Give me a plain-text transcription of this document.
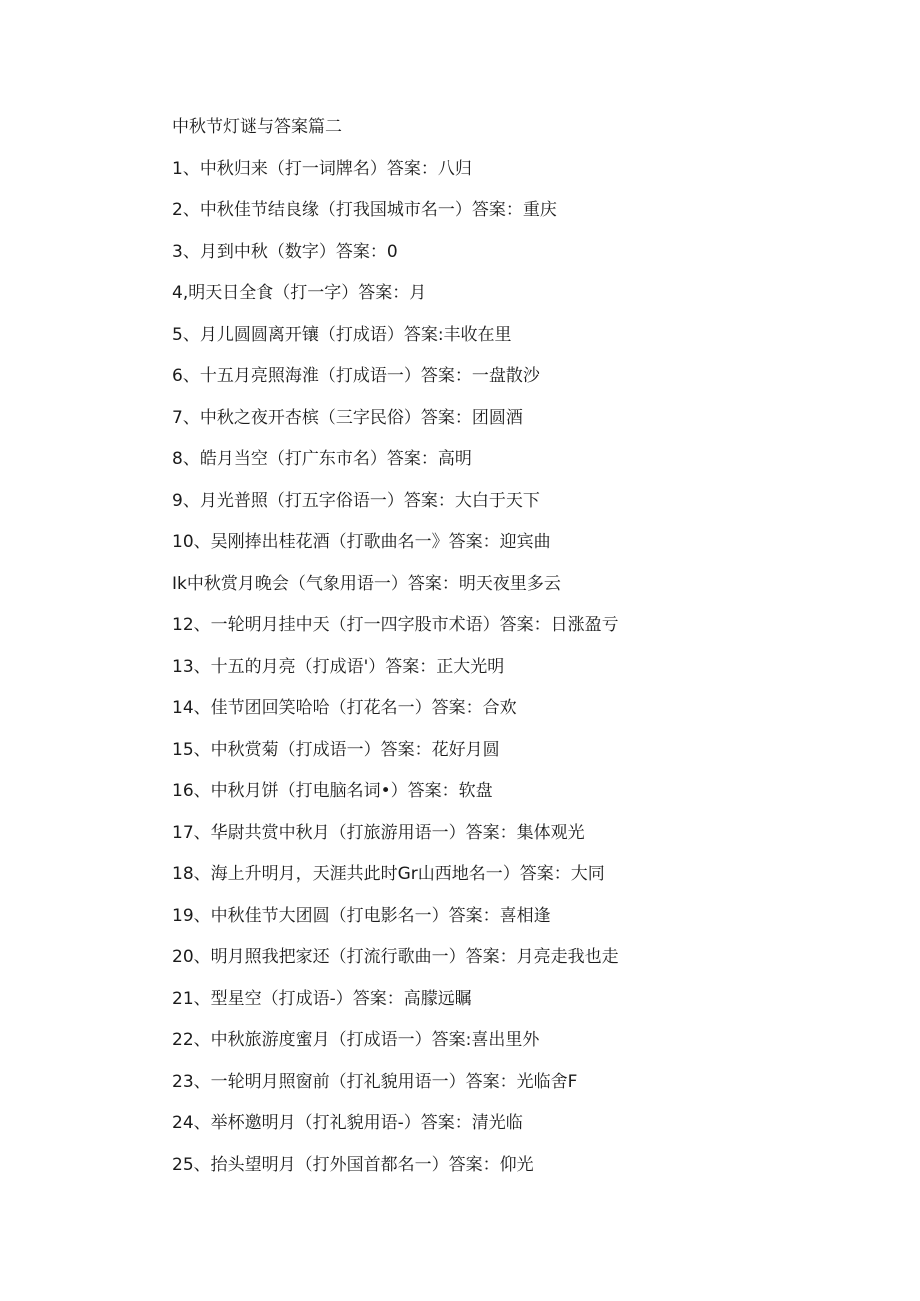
中秋节灯谜与答案篇二
1、中秋归来（打一词牌名）答案：八归
2、中秋佳节结良缘（打我国城市名一）答案：重庆
3、月到中秋（数字）答案：0
4,明天日全食（打一字）答案：月
5、月儿圆圆离开镶（打成语）答案:丰收在里
6、十五月亮照海淮（打成语一）答案：一盘散沙
7、中秋之夜开杏槟（三字民俗）答案：团圆酒
8、皓月当空（打广东市名）答案：高明
9、月光普照（打五字俗语一）答案：大白于天下
10、吴刚捧出桂花酒（打歌曲名一》答案：迎宾曲
Ik中秋赏月晚会（气象用语一）答案：明天夜里多云
12、一轮明月挂中天（打一四字股市术语）答案：日涨盈亏
13、十五的月亮（打成语'）答案：正大光明
14、佳节团回笑哈哈（打花名一）答案：合欢
15、中秋赏菊（打成语一）答案：花好月圆
16、中秋月饼（打电脑名词•）答案：软盘
17、华尉共赏中秋月（打旅游用语一）答案：集体观光
18、海上升明月，天涯共此时Gr山西地名一）答案：大同
19、中秋佳节大团圆（打电影名一）答案：喜相逢
20、明月照我把家还（打流行歌曲一）答案：月亮走我也走
21、型星空（打成语-）答案：高朦远瞩
22、中秋旅游度蜜月（打成语一）答案:喜出里外
23、一轮明月照窗前（打礼貌用语一）答案：光临舍F
24、举杯邀明月（打礼貌用语-）答案：清光临
25、抬头望明月（打外国首都名一）答案：仰光
